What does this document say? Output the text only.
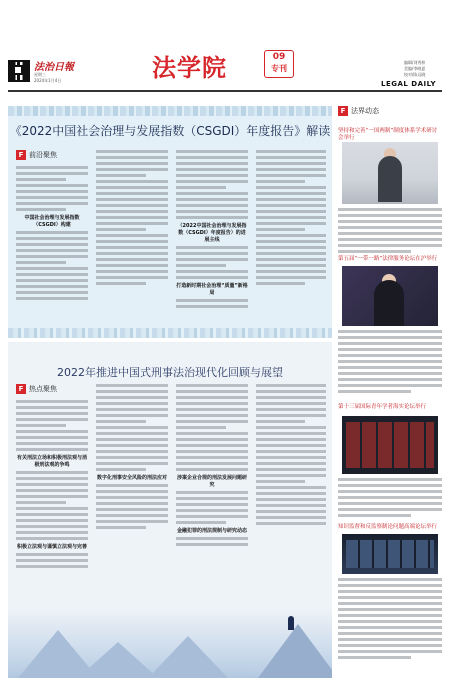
法治日報
星期三
2024年1月4日	法学院	09
专刊
编辑/刘秀梓
美编/李晓夏
校对/陈远晓
LEGAL DAILY
《2022中国社会治理与发展指数（CSGDI）年度报告》解读
F 前沿聚焦
中国社会治理与发展指数（CSGDI）构建	（2022中国社会治理与发展指数（CSGDI）年度报告）的进展主线
打造新时期社会治理“质量”新格局
2022年推进中国式刑事法治现代化回顾与展望
F 热点聚焦
有关刑法立场和积极刑法观与消极刑法观的争鸣
积极立法观与谨慎立法观与完善
数字化刑事安全风险的刑法应对 涉案企业合规的刑法发展问题研究
金融犯罪的刑法规制与研究动态
F 法界动态
坚持和完善“一国两制”制度体系学术研讨会举行
第五届“一带一路”法律服务论坛在沪举行
第十三届国际青年学者海实论坛举行
知识监督和反监察制论问题高端论坛举行
